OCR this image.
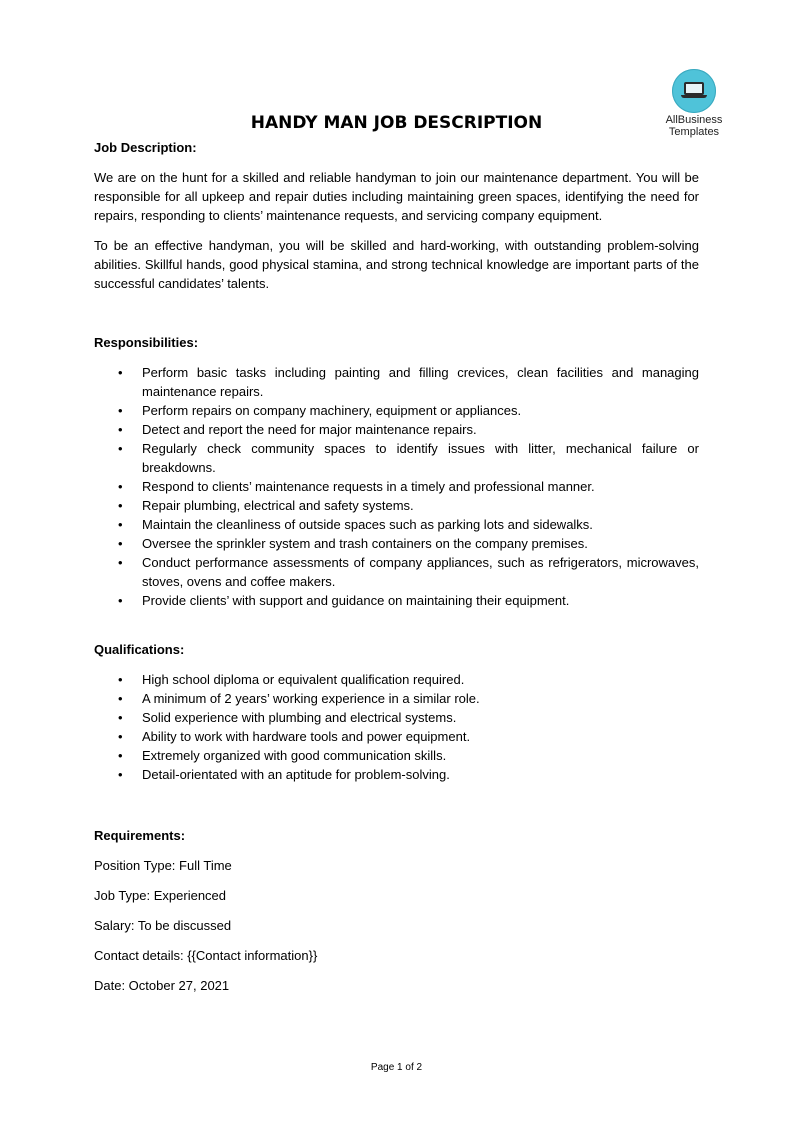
AllBusiness
Templates
HANDY MAN JOB DESCRIPTION
Job Description:

We are on the hunt for a skilled and reliable handyman to join our maintenance department. You will be responsible for all upkeep and repair duties including maintaining green spaces, identifying the need for repairs, responding to clients’ maintenance requests, and servicing company equipment.

To be an effective handyman, you will be skilled and hard-working, with outstanding problem-solving abilities. Skillful hands, good physical stamina, and strong technical knowledge are important parts of the successful candidates’ talents.

Responsibilities:
• Perform basic tasks including painting and filling crevices, clean facilities and managing maintenance repairs.
• Perform repairs on company machinery, equipment or appliances.
• Detect and report the need for major maintenance repairs.
• Regularly check community spaces to identify issues with litter, mechanical failure or breakdowns.
• Respond to clients’ maintenance requests in a timely and professional manner.
• Repair plumbing, electrical and safety systems.
• Maintain the cleanliness of outside spaces such as parking lots and sidewalks.
• Oversee the sprinkler system and trash containers on the company premises.
• Conduct performance assessments of company appliances, such as refrigerators, microwaves, stoves, ovens and coffee makers.
• Provide clients’ with support and guidance on maintaining their equipment.
Qualifications:
• High school diploma or equivalent qualification required.
• A minimum of 2 years’ working experience in a similar role.
• Solid experience with plumbing and electrical systems.
• Ability to work with hardware tools and power equipment.
• Extremely organized with good communication skills.
• Detail-orientated with an aptitude for problem-solving.
Requirements:

Position Type: Full Time

Job Type: Experienced

Salary: To be discussed

Contact details: {{Contact information}}

Date: October 27, 2021

Page 1 of 2
